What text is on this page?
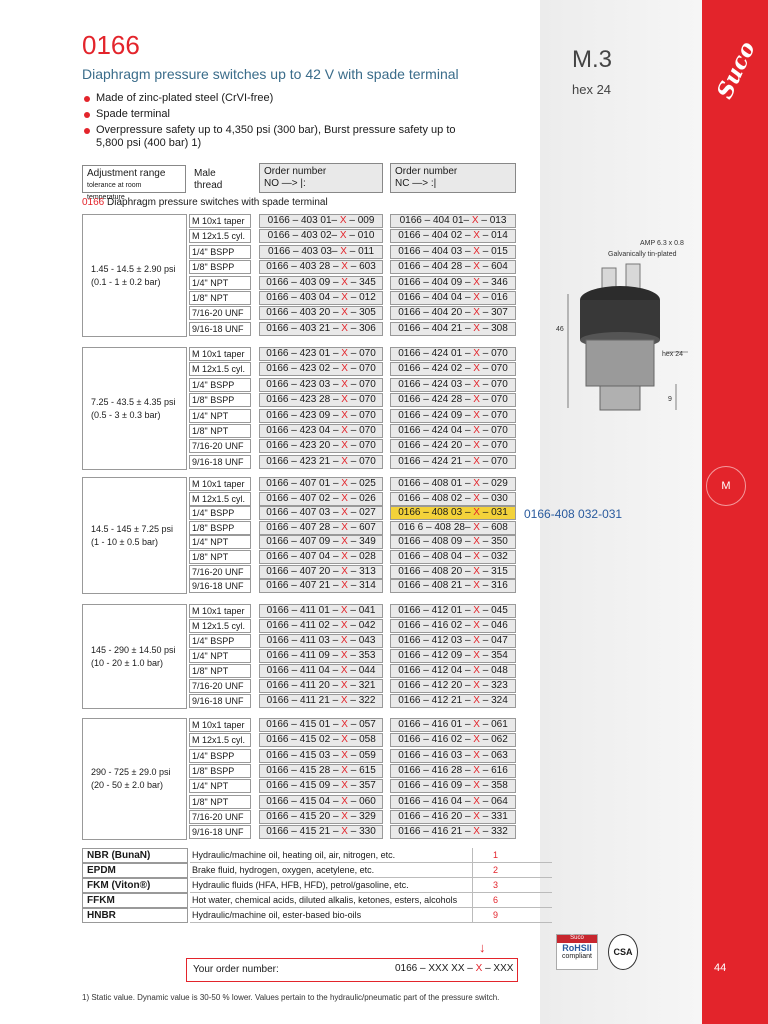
Suco
M
44
M.3
hex 24
0166
Diaphragm pressure switches up to 42 V with spade terminal
Made of zinc-plated steel (CrVI-free)
Spade terminal
Overpressure safety up to 4,350 psi (300 bar), Burst pressure safety up to 5,800 psi (400 bar) 1)
Adjustment range
tolerance at room temperature
Male thread
Order number
NO —> |:
Order number
NC —> :|
0166 Diaphragm pressure switches with spade terminal
1.45 - 14.5 ± 2.90 psi
(0.1 - 1 ± 0.2 bar)
M 10x1 taper	0166 – 403 01– X – 009	0166 – 404 01– X – 013
M 12x1.5 cyl.	0166 – 403 02– X – 010	0166 – 404 02 – X – 014
1/4" BSPP	0166 – 403 03– X – 011	0166 – 404 03 – X – 015
1/8" BSPP	0166 – 403 28 – X – 603	0166 – 404 28 – X – 604
1/4" NPT	0166 – 403 09 – X – 345	0166 – 404 09 – X – 346
1/8" NPT	0166 – 403 04 – X – 012	0166 – 404 04 – X – 016
7/16-20 UNF	0166 – 403 20 – X – 305	0166 – 404 20 – X – 307
9/16-18 UNF	0166 – 403 21 – X – 306	0166 – 404 21 – X – 308
7.25 - 43.5 ± 4.35 psi
(0.5 - 3 ± 0.3 bar)
M 10x1 taper	0166 – 423 01 – X – 070	0166 – 424 01 – X – 070
M 12x1.5 cyl.	0166 – 423 02 – X – 070	0166 – 424 02 – X – 070
1/4" BSPP	0166 – 423 03 – X – 070	0166 – 424 03 – X – 070
1/8" BSPP	0166 – 423 28 – X – 070	0166 – 424 28 – X – 070
1/4" NPT	0166 – 423 09 – X – 070	0166 – 424 09 – X – 070
1/8" NPT	0166 – 423 04 – X – 070	0166 – 424 04 – X – 070
7/16-20 UNF	0166 – 423 20 – X – 070	0166 – 424 20 – X – 070
9/16-18 UNF	0166 – 423 21 – X – 070	0166 – 424 21 – X – 070
14.5 - 145 ± 7.25 psi
(1 - 10 ± 0.5 bar)
M 10x1 taper	0166 – 407 01 – X – 025	0166 – 408 01 – X – 029
M 12x1.5 cyl.	0166 – 407 02 – X – 026	0166 – 408 02 – X – 030
1/4" BSPP	0166 – 407 03 – X – 027	0166 – 408 03 – X – 031
1/8" BSPP	0166 – 407 28 – X – 607	016 6 – 408 28– X – 608
1/4" NPT	0166 – 407 09 – X – 349	0166 – 408 09 – X – 350
1/8" NPT	0166 – 407 04 – X – 028	0166 – 408 04 – X – 032
7/16-20 UNF	0166 – 407 20 – X – 313	0166 – 408 20 – X – 315
9/16-18 UNF	0166 – 407 21 – X – 314	0166 – 408 21 – X – 316
145 - 290 ± 14.50 psi
(10 - 20 ± 1.0 bar)
M 10x1 taper	0166 – 411 01 – X – 041	0166 – 412 01 – X – 045
M 12x1.5 cyl.	0166 – 411 02 – X – 042	0166 – 416 02 – X – 046
1/4" BSPP	0166 – 411 03 – X – 043	0166 – 412 03 – X – 047
1/4" NPT	0166 – 411 09 – X – 353	0166 – 412 09 – X – 354
1/8" NPT	0166 – 411 04 – X – 044	0166 – 412 04 – X – 048
7/16-20 UNF	0166 – 411 20 – X – 321	0166 – 412 20 – X – 323
9/16-18 UNF	0166 – 411 21 – X – 322	0166 – 412 21 – X – 324
290 - 725 ± 29.0 psi
(20 - 50 ± 2.0 bar)
M 10x1 taper	0166 – 415 01 – X – 057	0166 – 416 01 – X – 061
M 12x1.5 cyl.	0166 – 415 02 – X – 058	0166 – 416 02 – X – 062
1/4" BSPP	0166 – 415 03 – X – 059	0166 – 416 03 – X – 063
1/8" BSPP	0166 – 415 28 – X – 615	0166 – 416 28 – X – 616
1/4" NPT	0166 – 415 09 – X – 357	0166 – 416 09 – X – 358
1/8" NPT	0166 – 415 04 – X – 060	0166 – 416 04 – X – 064
7/16-20 UNF	0166 – 415 20 – X – 329	0166 – 416 20 – X – 331
9/16-18 UNF	0166 – 415 21 – X – 330	0166 – 416 21 – X – 332
0166-408 032-031
AMP 6.3 x 0.8
Galvanically tin-plated
46
hex 24
9
NBR (BunaN)	Hydraulic/machine oil, heating oil, air, nitrogen, etc.	1
EPDM	Brake fluid, hydrogen, oxygen, acetylene, etc.	2
FKM (Viton®)	Hydraulic fluids (HFA, HFB, HFD), petrol/gasoline, etc.	3
FFKM	Hot water, chemical acids, diluted alkalis, ketones, esters, alcohols	6
HNBR	Hydraulic/machine oil, ester-based bio-oils	9
↓
Your order number:	0166 – XXX XX – X – XXX
Suco
RoHSII
compliant	CSA
1) Static value. Dynamic value is 30-50 % lower. Values pertain to the hydraulic/pneumatic part of the pressure switch.
